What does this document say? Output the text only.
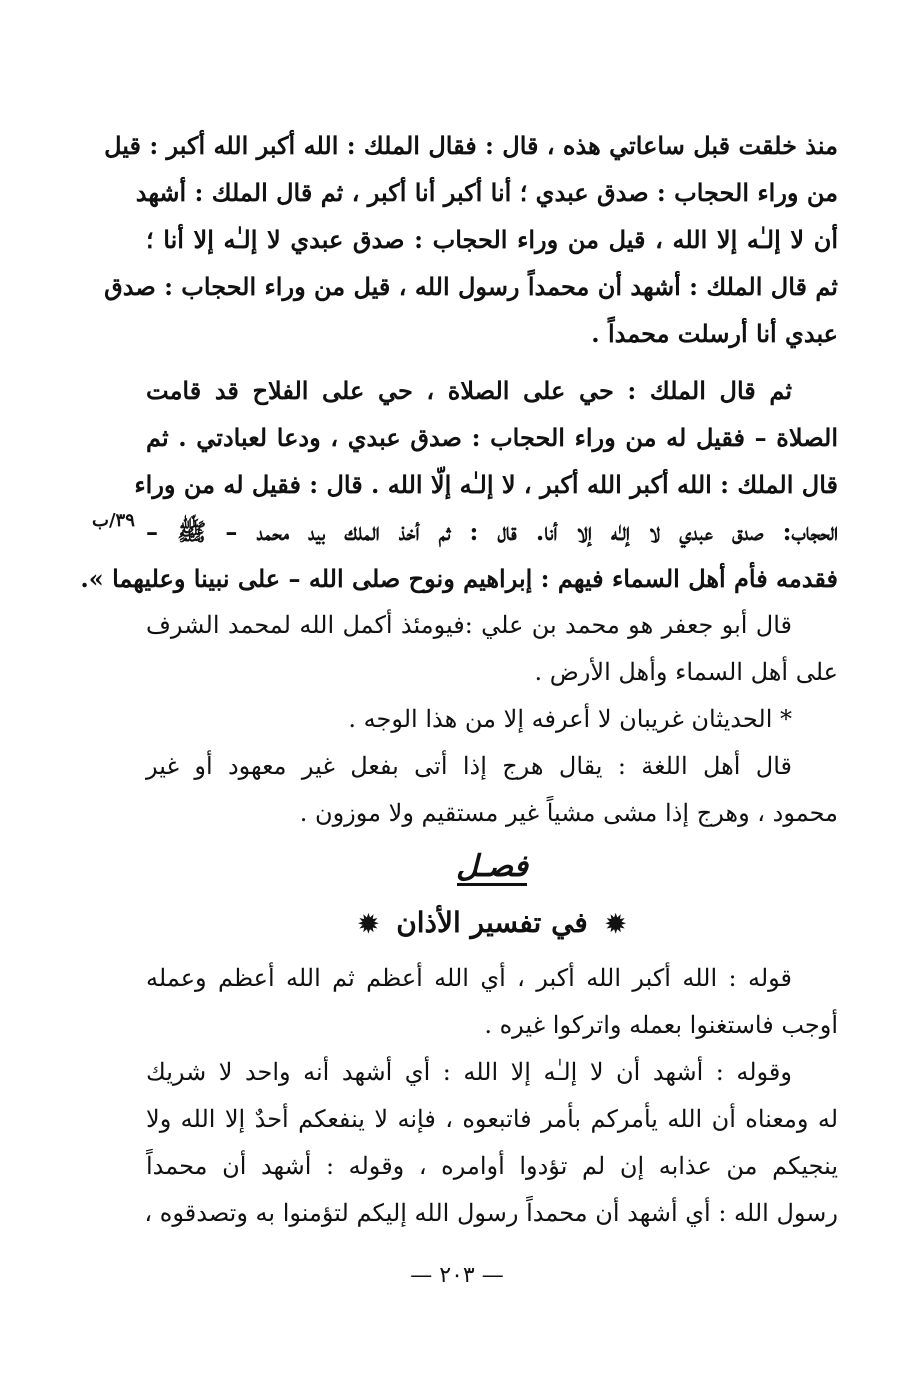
منذ خلقت قبل ساعاتي هذه ، قال : فقال الملك : الله أكبر الله أكبر : قيل
من وراء الحجاب : صدق عبدي ؛ أنا أكبر أنا أكبر ، ثم قال الملك : أشهد
أن لا إلـٰه إلا الله ، قيل من وراء الحجاب : صدق عبدي لا إلـٰه إلا أنا ؛
ثم قال الملك : أشهد أن محمداً رسول الله ، قيل من وراء الحجاب : صدق
عبدي أنا أرسلت محمداً .
ثم قال الملك : حي على الصلاة ، حي على الفلاح قد قامت
الصلاة – فقيل له من وراء الحجاب : صدق عبدي ، ودعا لعبادتي . ثم
قال الملك : الله أكبر الله أكبر ، لا إلـٰه إلّا الله . قال : فقيل له من وراء
الحجاب: صدق عبدي لا إلـٰه إلا أنا. قال : ثم أخذ الملك بيد محمد – ﷺ –
فقدمه فأم أهل السماء فيهم : إبراهيم ونوح صلى الله – على نبينا وعليهما ».
قال أبو جعفر هو محمد بن علي :فيومئذ أكمل الله لمحمد الشرف
على أهل السماء وأهل الأرض .
* الحديثان غريبان لا أعرفه إلا من هذا الوجه .
قال أهل اللغة : يقال هرج إذا أتى بفعل غير معهود أو غير
محمود ، وهرج إذا مشى مشياً غير مستقيم ولا موزون .
فصـل
✹ في تفسير الأذان ✹
قوله : الله أكبر الله أكبر ، أي الله أعظم ثم الله أعظم وعمله
أوجب فاستغنوا بعمله واتركوا غيره .
وقوله : أشهد أن لا إلـٰه إلا الله : أي أشهد أنه واحد لا شريك
له ومعناه أن الله يأمركم بأمر فاتبعوه ، فإنه لا ينفعكم أحدٌ إلا الله ولا
ينجيكم من عذابه إن لم تؤدوا أوامره ، وقوله : أشهد أن محمداً
رسول الله : أي أشهد أن محمداً رسول الله إليكم لتؤمنوا به وتصدقوه ،
٣٩/ب
— ٢٠٣ —
